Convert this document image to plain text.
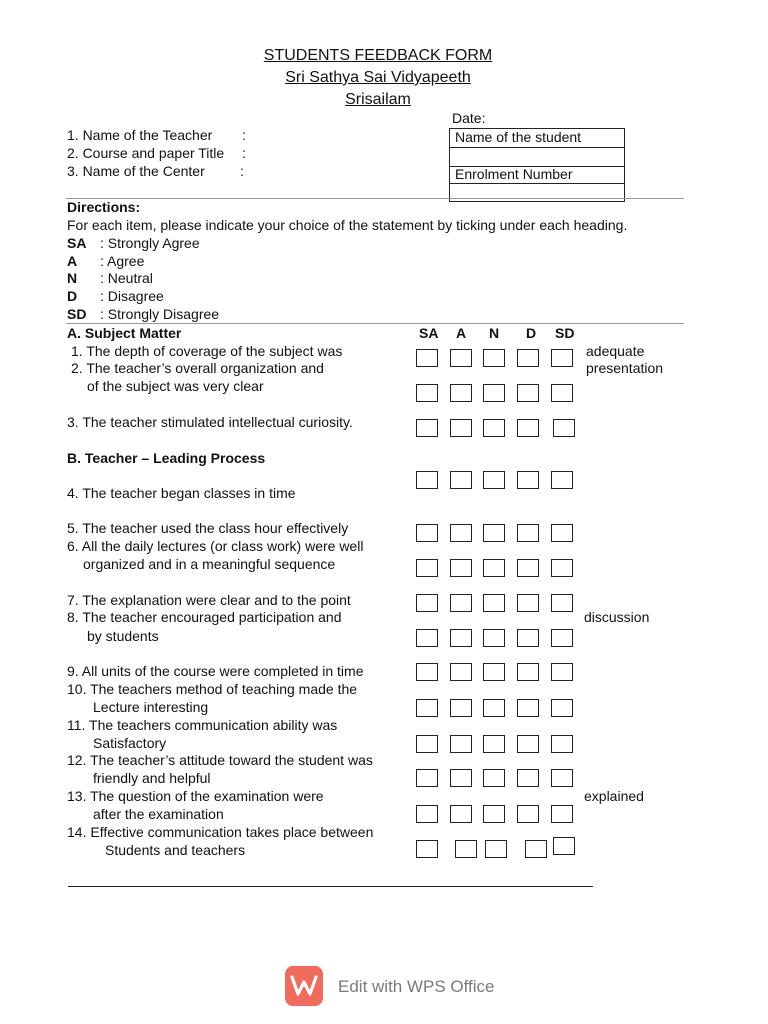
STUDENTS FEEDBACK FORM
Sri Sathya Sai Vidyapeeth
Srisailam
Date:
1. Name of the Teacher :
2. Course and paper Title :
3. Name of the Center	:
Name of the student
Enrolment Number
Directions:
For each item, please indicate your choice of the statement by ticking under each heading.
SA : Strongly Agree
A : Agree
N : Neutral
D : Disagree
SD : Strongly Disagree
A. Subject Matter	SA A N D SD
1. The depth of coverage of the subject was	adequate
2. The teacher’s overall organization and
of the subject was very clear
presentation
3. The teacher stimulated intellectual curiosity.
B. Teacher – Leading Process
4. The teacher began classes in time
5. The teacher used the class hour effectively
6. All the daily lectures (or class work) were well
organized and in a meaningful sequence
7. The explanation were clear and to the point
8. The teacher encouraged participation and
by students
discussion
9. All units of the course were completed in time
10. The teachers method of teaching made the
Lecture interesting
11. The teachers communication ability was
Satisfactory
12. The teacher’s attitude toward the student was
friendly and helpful
13. The question of the examination were
after the examination
explained
14. Effective communication takes place between
Students and teachers
Edit with WPS Office
